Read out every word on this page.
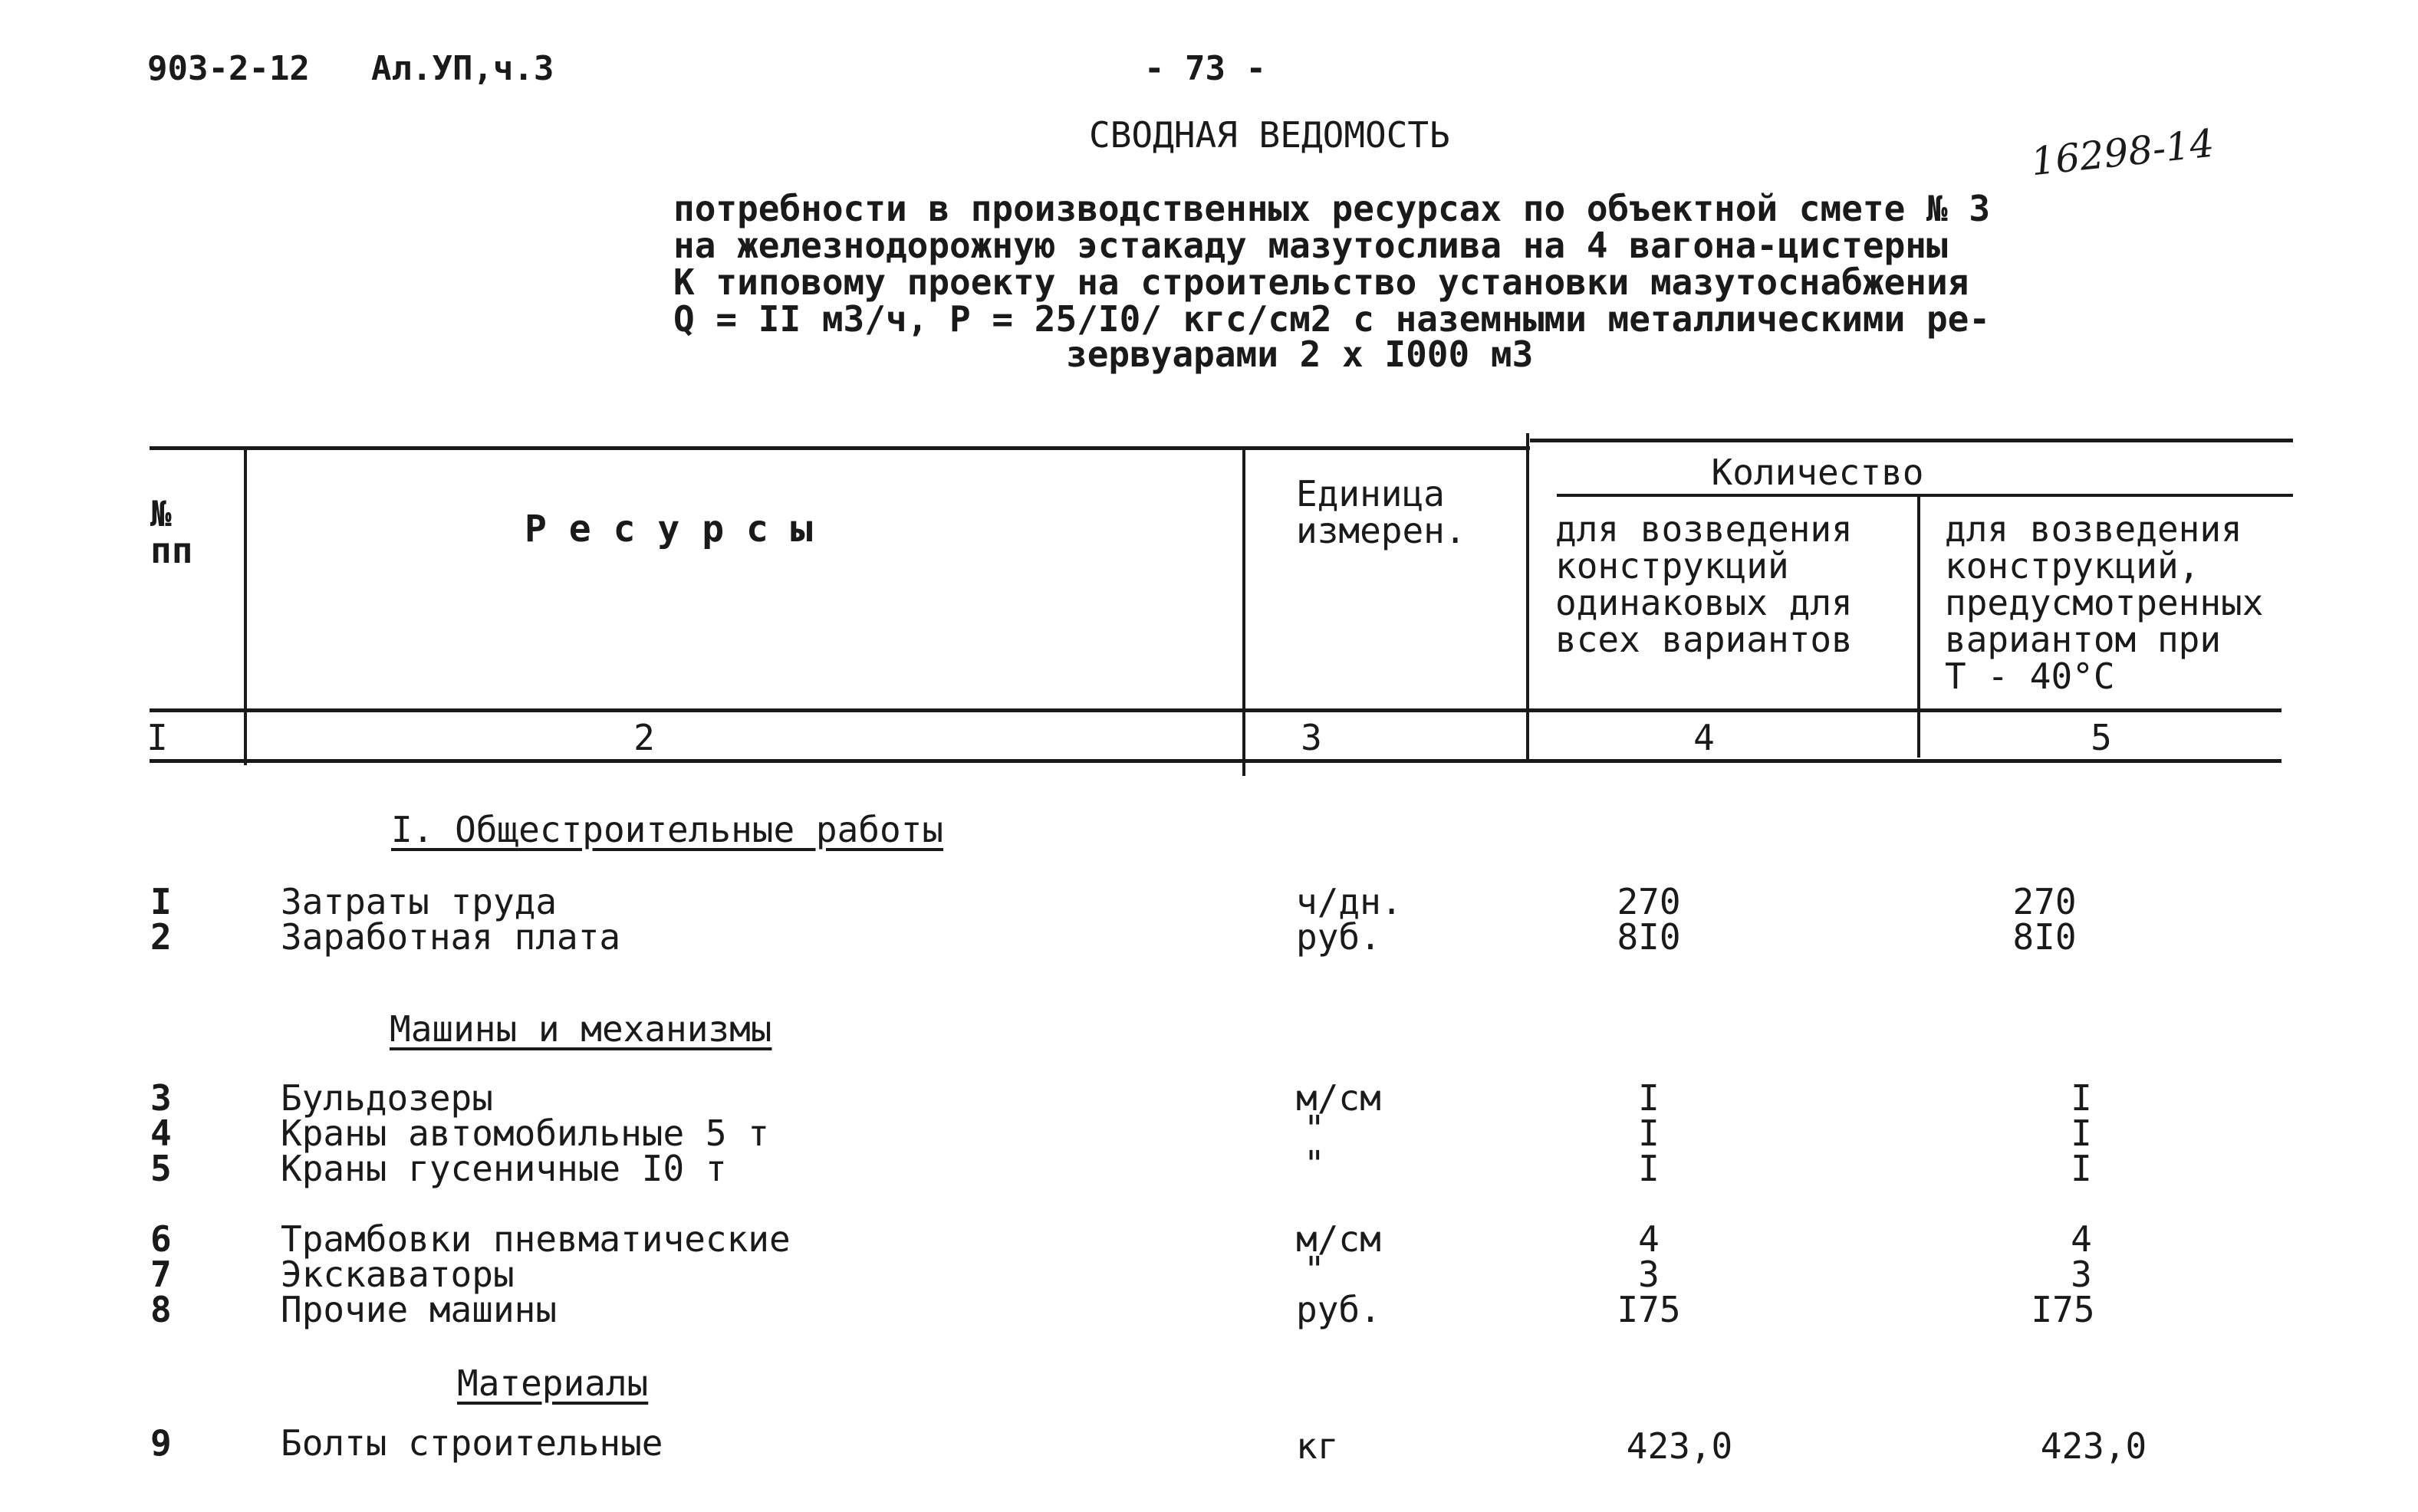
903-2-12 Ал.УП,ч.3	- 73 -
16298-14
СВОДНАЯ ВЕДОМОСТЬ
потребности в производственных ресурсах по объектной смете № 3
на железнодорожную эстакаду мазутослива на 4 вагона-цистерны
К типовому проекту на строительство установки мазутоснабжения
Q = II м3/ч, Р = 25/I0/ кгс/см2 с наземными металлическими ре-
зервуарами 2 х I000 м3
№
пп	Р е с у р с ы
Единица
измерен.
Количество
для возведения
конструкций
одинаковых для
всех вариантов
для возведения
конструкций,
предусмотренных
вариантом при
Т - 40°С
I	2	3	4	5
I. Общестроительные работы
Машины и механизмы
Материалы
I	Затраты труда	ч/дн.	270	270
2	Заработная плата	руб.	8I0	8I0
3	Бульдозеры	м/см	I	I
4	Краны автомобильные 5 т	"	I	I
5	Краны гусеничные I0 т	"	I	I
6	Трамбовки пневматические	м/см	4	4
7	Экскаваторы	"	3	3
8	Прочие машины	руб.	I75	I75
9	Болты строительные	кг	423,0	423,0
